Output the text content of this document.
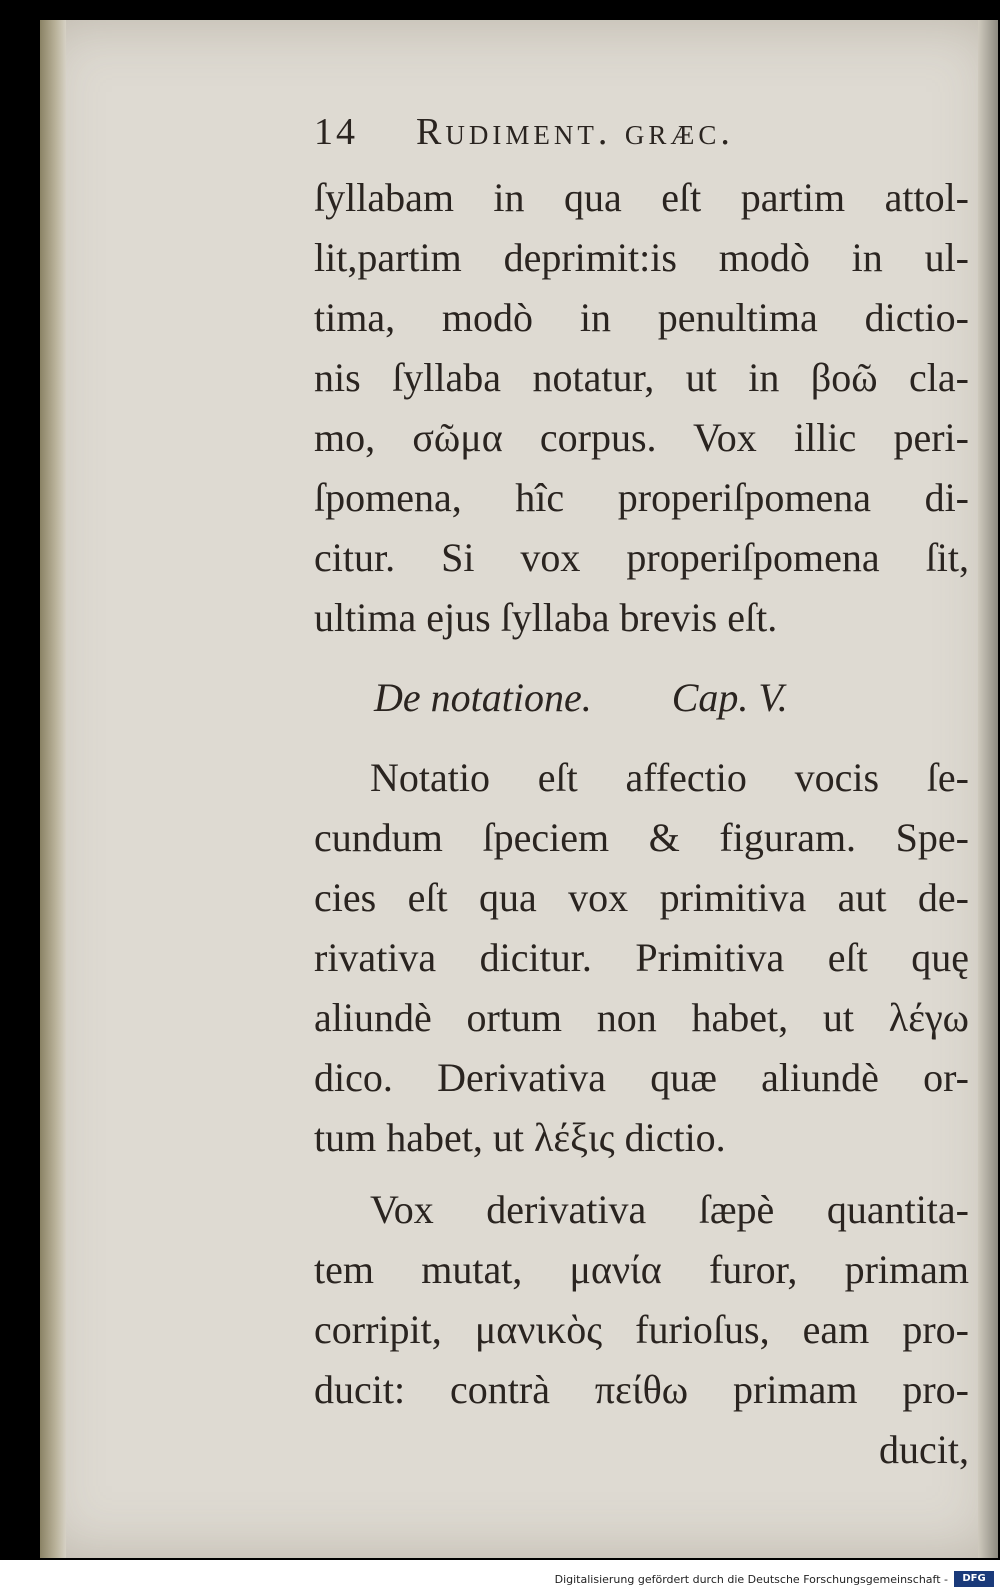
14	Rudiment. græc.
ſyllabam in qua eſt partim attol-
lit,partim deprimit:is modò in ul-
tima, modò in penultima dictio-
nis ſyllaba notatur, ut in βοῶ cla-
mo, σῶμα corpus. Vox illic peri-
ſpomena, hîc properiſpomena di-
citur. Si vox properiſpomena ſit,
ultima ejus ſyllaba brevis eſt.
De notatione. Cap. V.
Notatio eſt affectio vocis ſe-
cundum ſpeciem & figuram. Spe-
cies eſt qua vox primitiva aut de-
rivativa dicitur. Primitiva eſt quę
aliundè ortum non habet, ut λέγω
dico. Derivativa quæ aliundè or-
tum habet, ut λέξις dictio.
Vox derivativa ſæpè quantita-
tem mutat, μανία furor, primam
corripit, μανικὸς furioſus, eam pro-
ducit: contrà πείθω primam pro-
ducit,
Digitalisierung gefördert durch die Deutsche Forschungsgemeinschaft -	DFG
